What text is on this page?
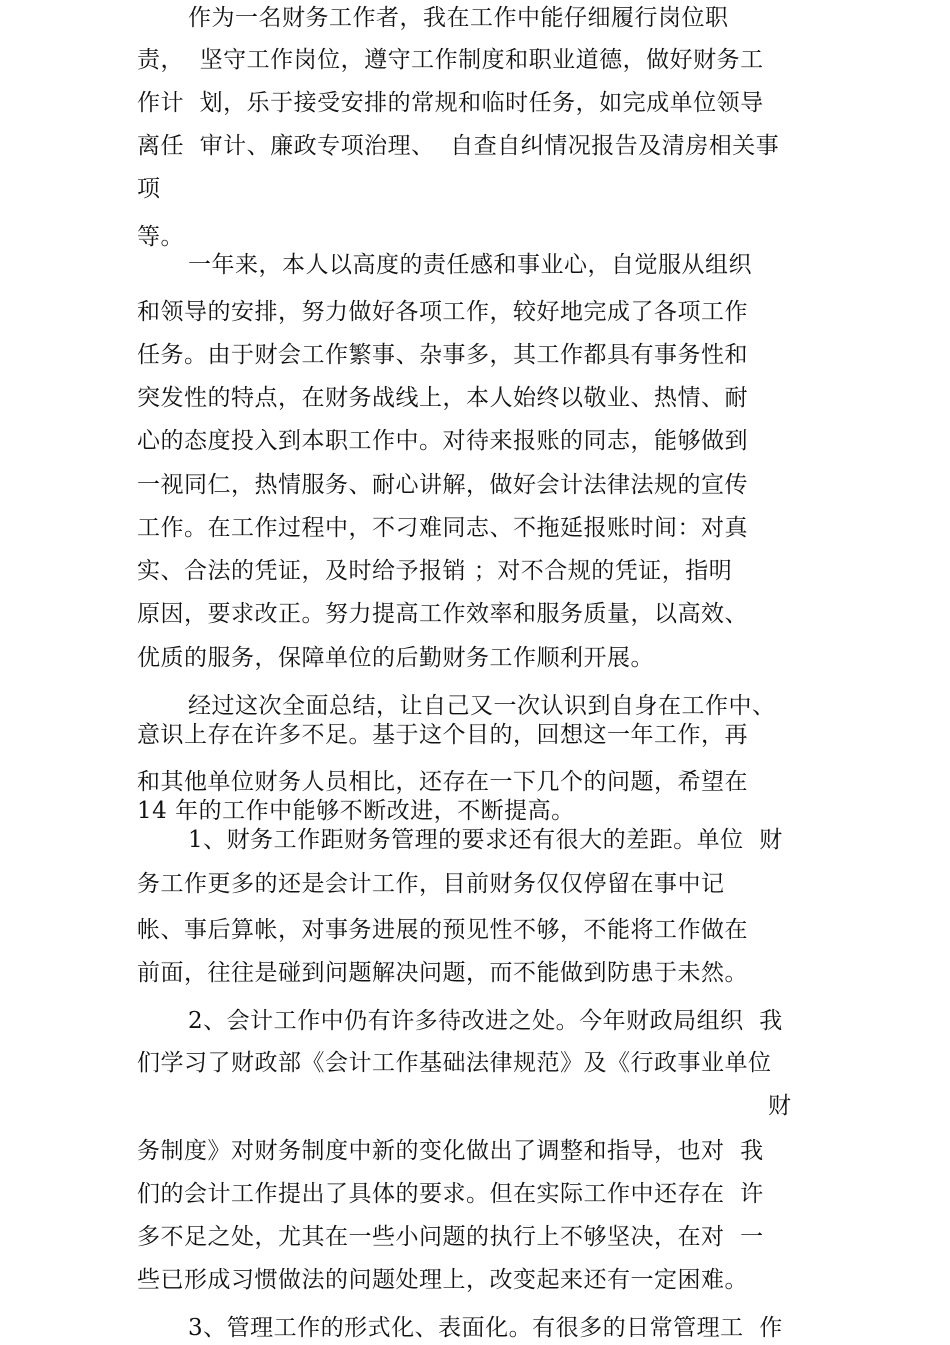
作为一名财务工作者，我在工作中能仔细履行岗位职
责，  坚守工作岗位，遵守工作制度和职业道德，做好财务工
作计  划，乐于接受安排的常规和临时任务，如完成单位领导
离任  审计、廉政专项治理、  自查自纠情况报告及清房相关事
项
等。
一年来，本人以高度的责任感和事业心，自觉服从组织
和领导的安排，努力做好各项工作，较好地完成了各项工作
任务。由于财会工作繁事、杂事多，其工作都具有事务性和
突发性的特点，在财务战线上，本人始终以敬业、热情、耐
心的态度投入到本职工作中。对待来报账的同志，能够做到
一视同仁，热情服务、耐心讲解，做好会计法律法规的宣传
工作。在工作过程中，不刁难同志、不拖延报账时间：对真
实、合法的凭证，及时给予报销 ；对不合规的凭证，指明
原因，要求改正。努力提高工作效率和服务质量，以高效、
优质的服务，保障单位的后勤财务工作顺利开展。
经过这次全面总结，让自己又一次认识到自身在工作中、
意识上存在许多不足。基于这个目的，回想这一年工作，再
和其他单位财务人员相比，还存在一下几个的问题，希望在
14 年的工作中能够不断改进，不断提高。
1、财务工作距财务管理的要求还有很大的差距。单位  财
务工作更多的还是会计工作，目前财务仅仅停留在事中记
帐、事后算帐，对事务进展的预见性不够，不能将工作做在
前面，往往是碰到问题解决问题，而不能做到防患于未然。
2、会计工作中仍有许多待改进之处。今年财政局组织  我
们学习了财政部《会计工作基础法律规范》及《行政事业单位
财
务制度》对财务制度中新的变化做出了调整和指导，也对  我
们的会计工作提出了具体的要求。但在实际工作中还存在  许
多不足之处，尤其在一些小问题的执行上不够坚决，在对  一
些已形成习惯做法的问题处理上，改变起来还有一定困难。
3、管理工作的形式化、表面化。有很多的日常管理工  作
